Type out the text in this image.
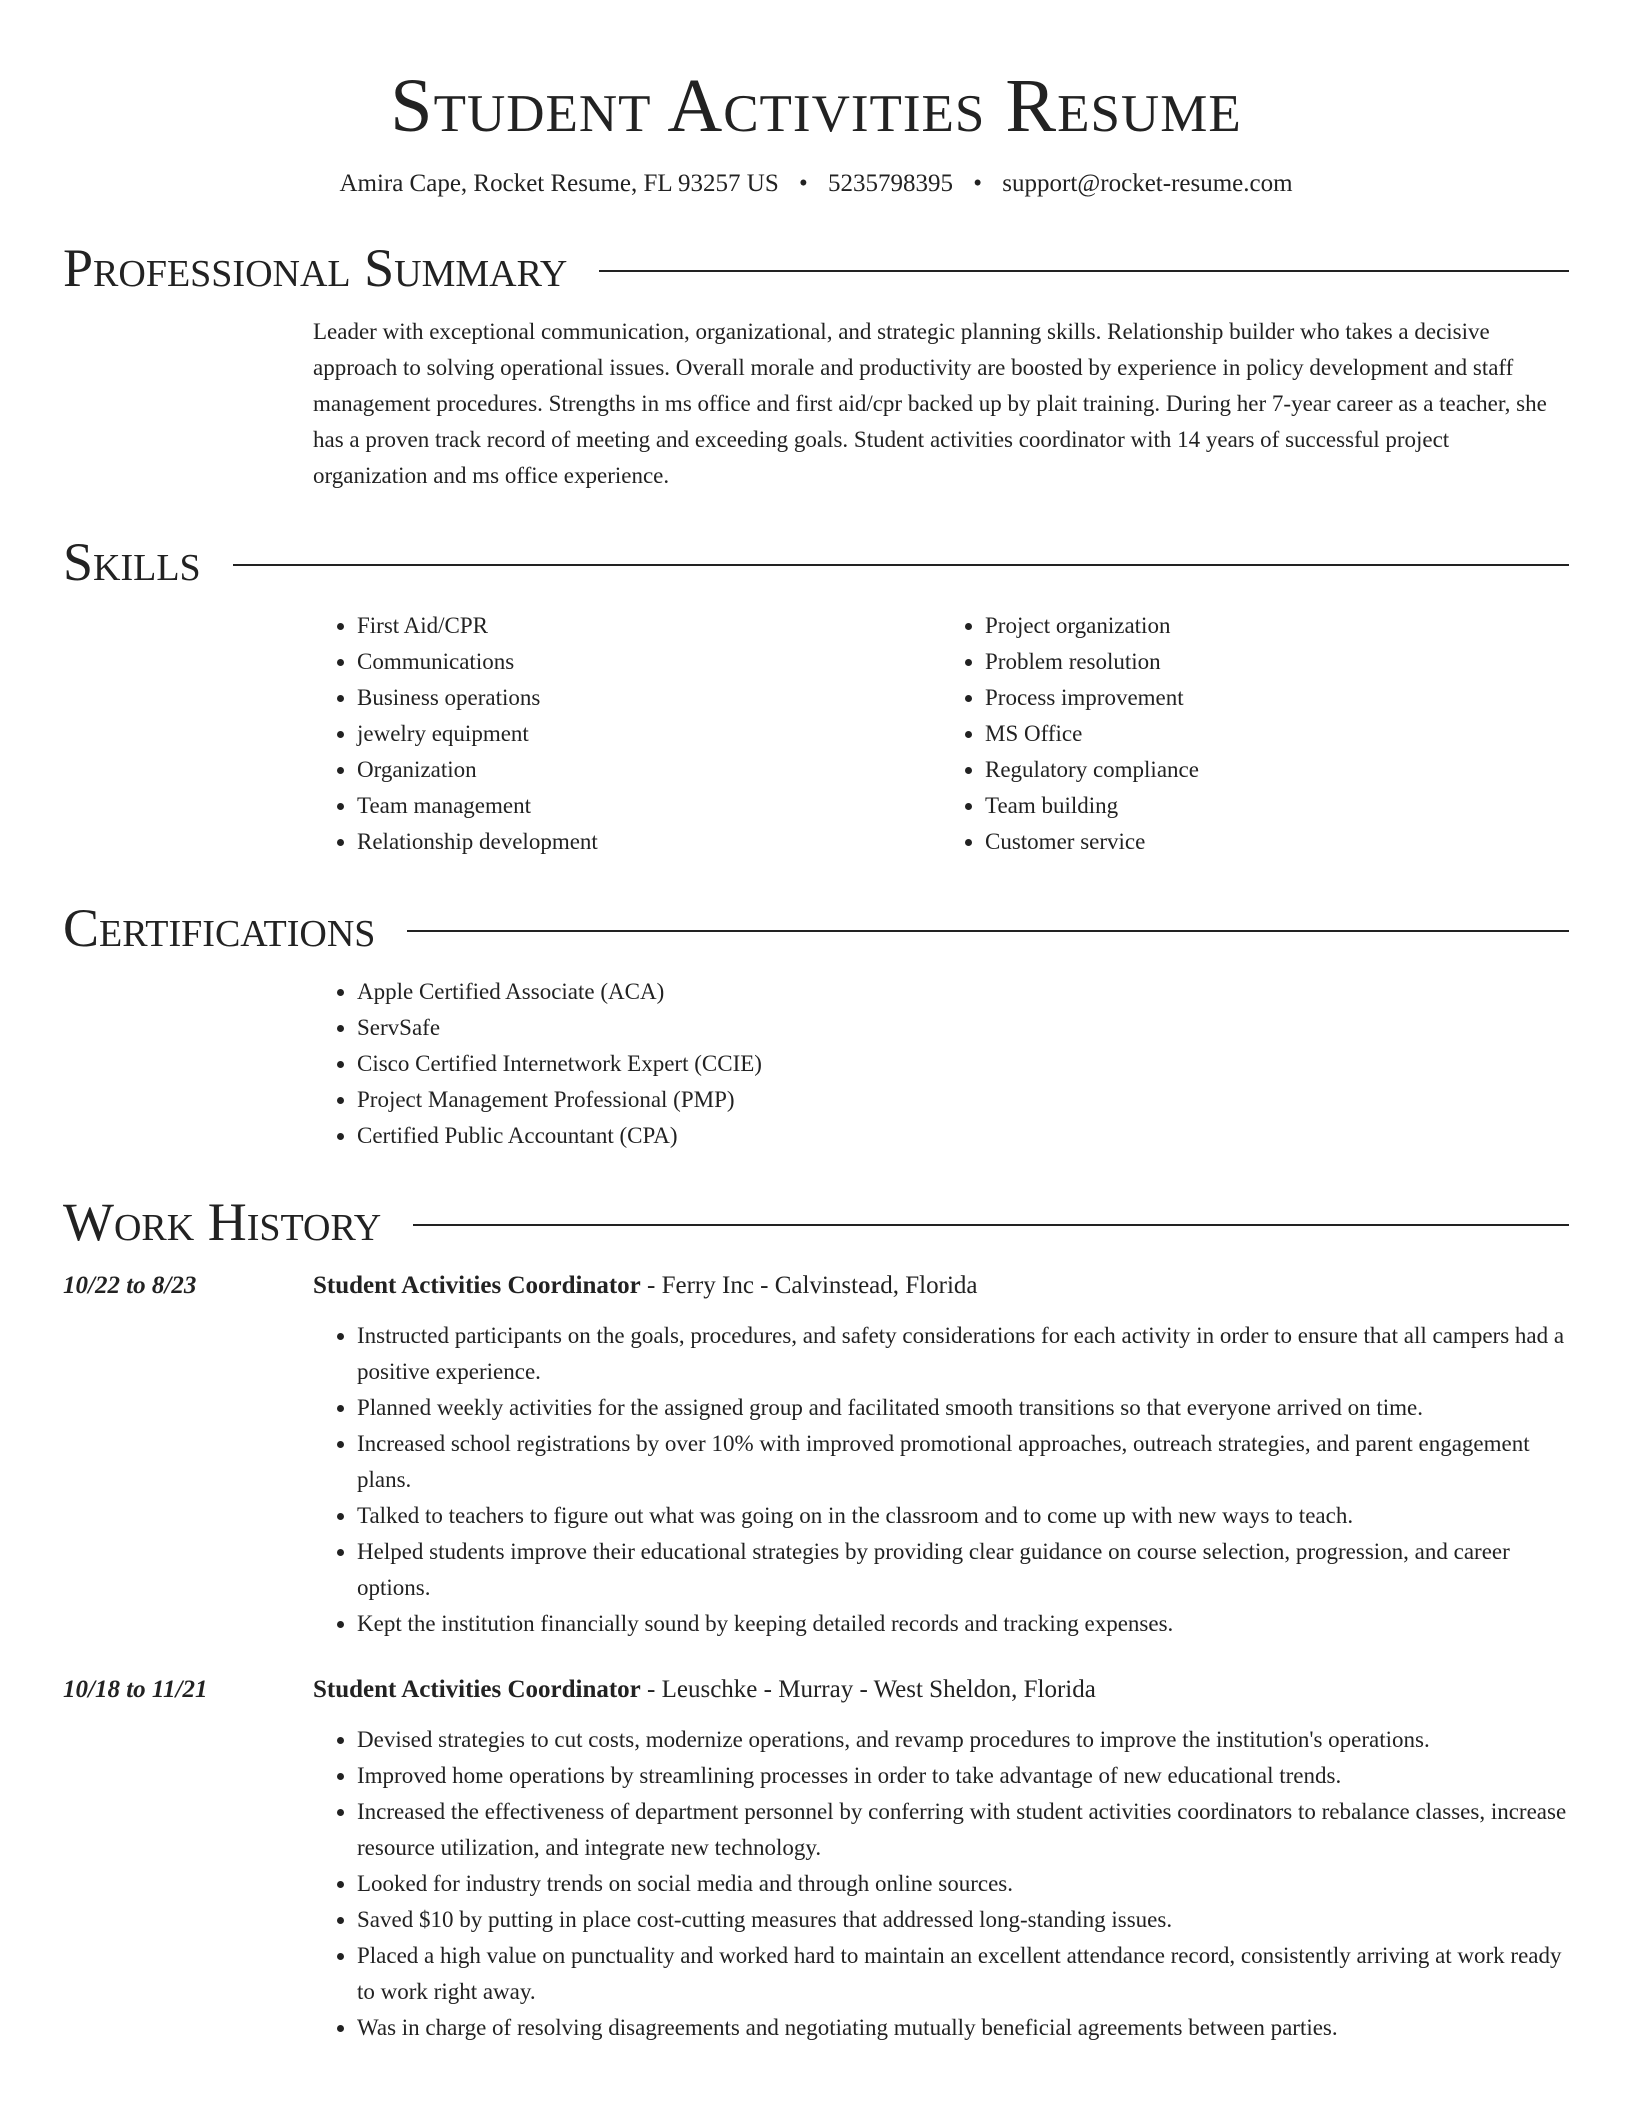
Student Activities Resume
Amira Cape, Rocket Resume, FL 93257 US • 5235798395 • support@rocket-resume.com
Professional Summary

Leader with exceptional communication, organizational, and strategic planning skills. Relationship builder who takes a decisive approach to solving operational issues. Overall morale and productivity are boosted by experience in policy development and staff management procedures. Strengths in ms office and first aid/cpr backed up by plait training. During her 7-year career as a teacher, she has a proven track record of meeting and exceeding goals. Student activities coordinator with 14 years of successful project organization and ms office experience.

Skills
• First Aid/CPR
• Communications
• Business operations
• jewelry equipment
• Organization
• Team management
• Relationship development
• Project organization
• Problem resolution
• Process improvement
• MS Office
• Regulatory compliance
• Team building
• Customer service
Certifications
• Apple Certified Associate (ACA)
• ServSafe
• Cisco Certified Internetwork Expert (CCIE)
• Project Management Professional (PMP)
• Certified Public Accountant (CPA)
Work History
10/22 to 8/23	Student Activities Coordinator - Ferry Inc - Calvinstead, Florida
• Instructed participants on the goals, procedures, and safety considerations for each activity in order to ensure that all campers had a positive experience.
• Planned weekly activities for the assigned group and facilitated smooth transitions so that everyone arrived on time.
• Increased school registrations by over 10% with improved promotional approaches, outreach strategies, and parent engagement plans.
• Talked to teachers to figure out what was going on in the classroom and to come up with new ways to teach.
• Helped students improve their educational strategies by providing clear guidance on course selection, progression, and career options.
• Kept the institution financially sound by keeping detailed records and tracking expenses.
10/18 to 11/21	Student Activities Coordinator - Leuschke - Murray - West Sheldon, Florida
• Devised strategies to cut costs, modernize operations, and revamp procedures to improve the institution's operations.
• Improved home operations by streamlining processes in order to take advantage of new educational trends.
• Increased the effectiveness of department personnel by conferring with student activities coordinators to rebalance classes, increase resource utilization, and integrate new technology.
• Looked for industry trends on social media and through online sources.
• Saved $10 by putting in place cost-cutting measures that addressed long-standing issues.
• Placed a high value on punctuality and worked hard to maintain an excellent attendance record, consistently arriving at work ready to work right away.
• Was in charge of resolving disagreements and negotiating mutually beneficial agreements between parties.
